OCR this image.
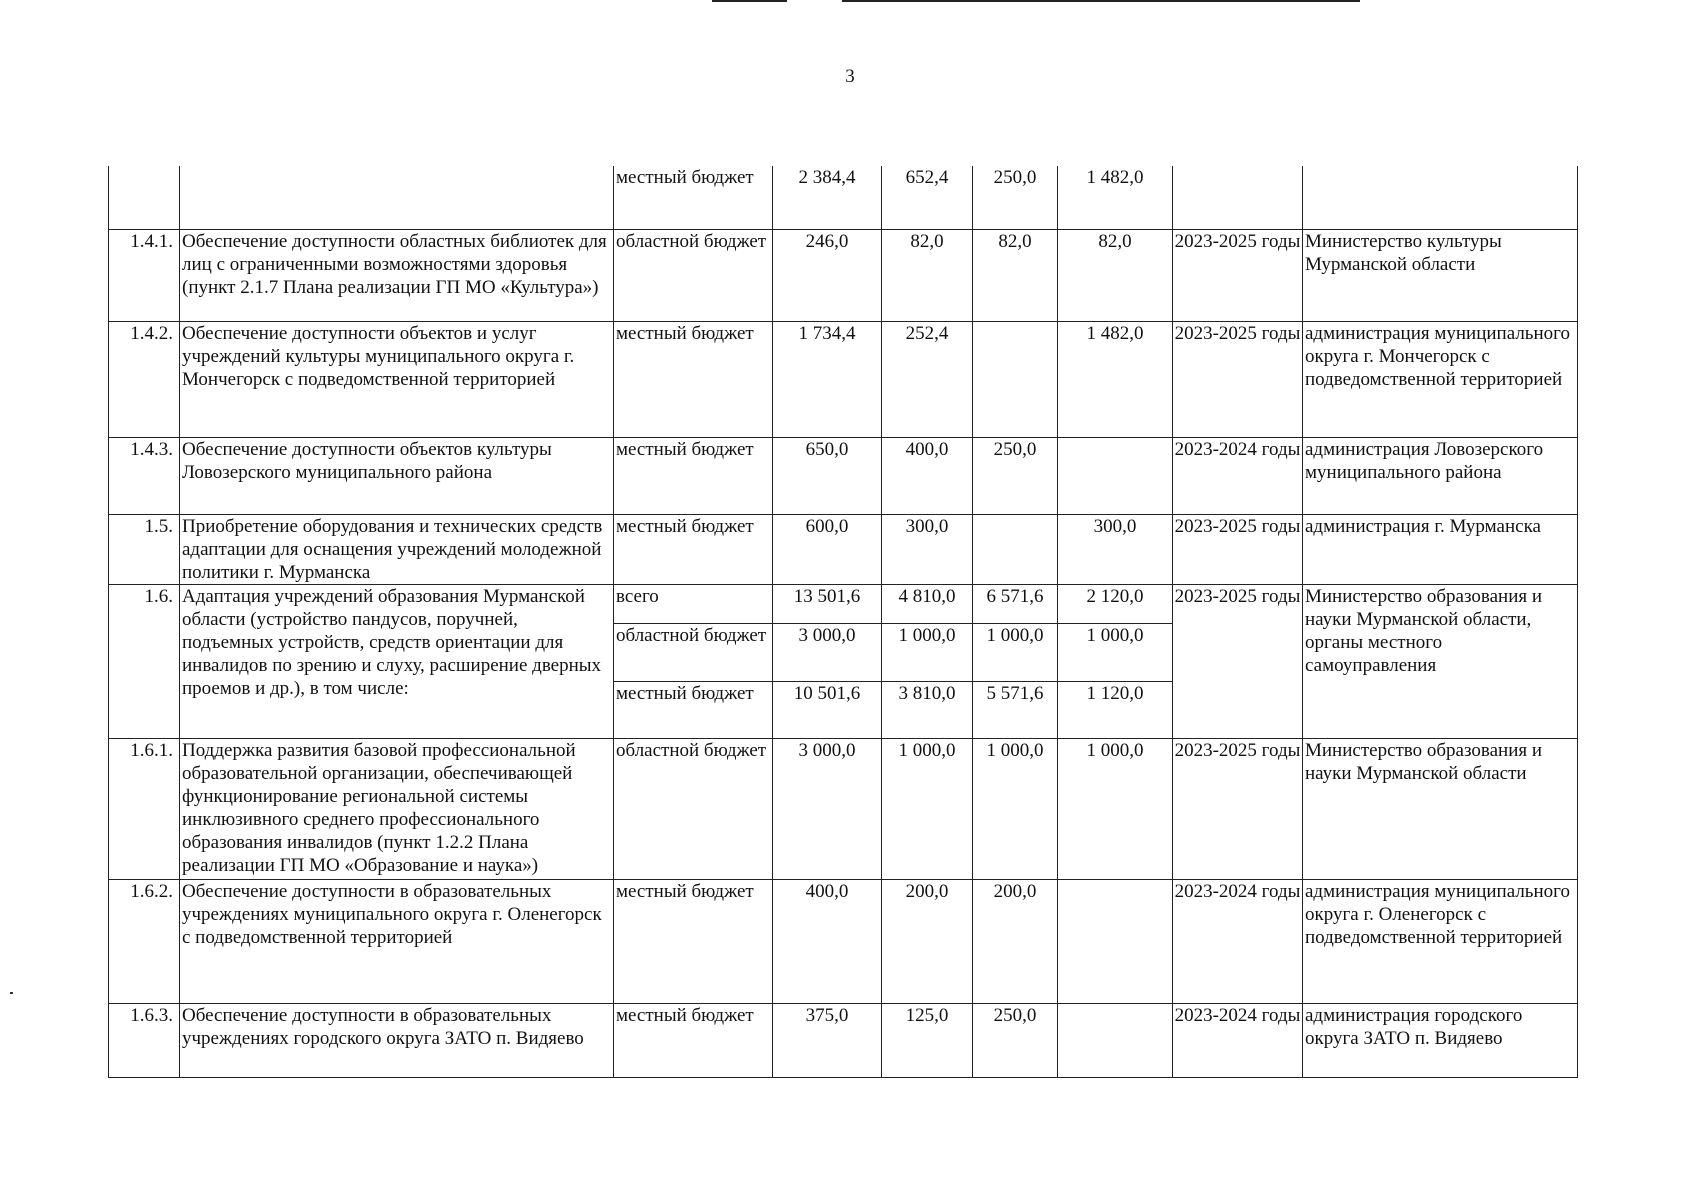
3
		местный бюджет	2 384,4	652,4	250,0	1 482,0		
1.4.1.	Обеспечение доступности областных библиотек для лиц с ограниченными возможностями здоровья (пункт 2.1.7 Плана реализации ГП МО «Культура»)	областной бюджет	246,0	82,0	82,0	82,0	2023-2025 годы	Министерство культуры Мурманской области
1.4.2.	Обеспечение доступности объектов и услуг учреждений культуры муниципального округа г. Мончегорск с подведомственной территорией	местный бюджет	1 734,4	252,4		1 482,0	2023-2025 годы	администрация муниципального округа г. Мончегорск с подведомственной территорией
1.4.3.	Обеспечение доступности объектов культуры Ловозерского муниципального района	местный бюджет	650,0	400,0	250,0		2023-2024 годы	администрация Ловозерского муниципального района
1.5.	Приобретение оборудования и технических средств адаптации для оснащения учреждений молодежной политики г. Мурманска	местный бюджет	600,0	300,0		300,0	2023-2025 годы	администрация г. Мурманска
1.6.	Адаптация учреждений образования Мурманской области (устройство пандусов, поручней, подъемных устройств, средств ориентации для инвалидов по зрению и слуху, расширение дверных проемов и др.), в том числе:	всего	13 501,6	4 810,0	6 571,6	2 120,0	2023-2025 годы	Министерство образования и науки Мурманской области, органы местного самоуправления
		областной бюджет	3 000,0	1 000,0	1 000,0	1 000,0		
		местный бюджет	10 501,6	3 810,0	5 571,6	1 120,0		
1.6.1.	Поддержка развития базовой профессиональной образовательной организации, обеспечивающей функционирование региональной системы инклюзивного среднего профессионального образования инвалидов (пункт 1.2.2 Плана реализации ГП МО «Образование и наука»)	областной бюджет	3 000,0	1 000,0	1 000,0	1 000,0	2023-2025 годы	Министерство образования и науки Мурманской области
1.6.2.	Обеспечение доступности в образовательных учреждениях муниципального округа г. Оленегорск с подведомственной территорией	местный бюджет	400,0	200,0	200,0		2023-2024 годы	администрация муниципального округа г. Оленегорск с подведомственной территорией
1.6.3.	Обеспечение доступности в образовательных учреждениях городского округа ЗАТО п. Видяево	местный бюджет	375,0	125,0	250,0		2023-2024 годы	администрация городского округа ЗАТО п. Видяево
